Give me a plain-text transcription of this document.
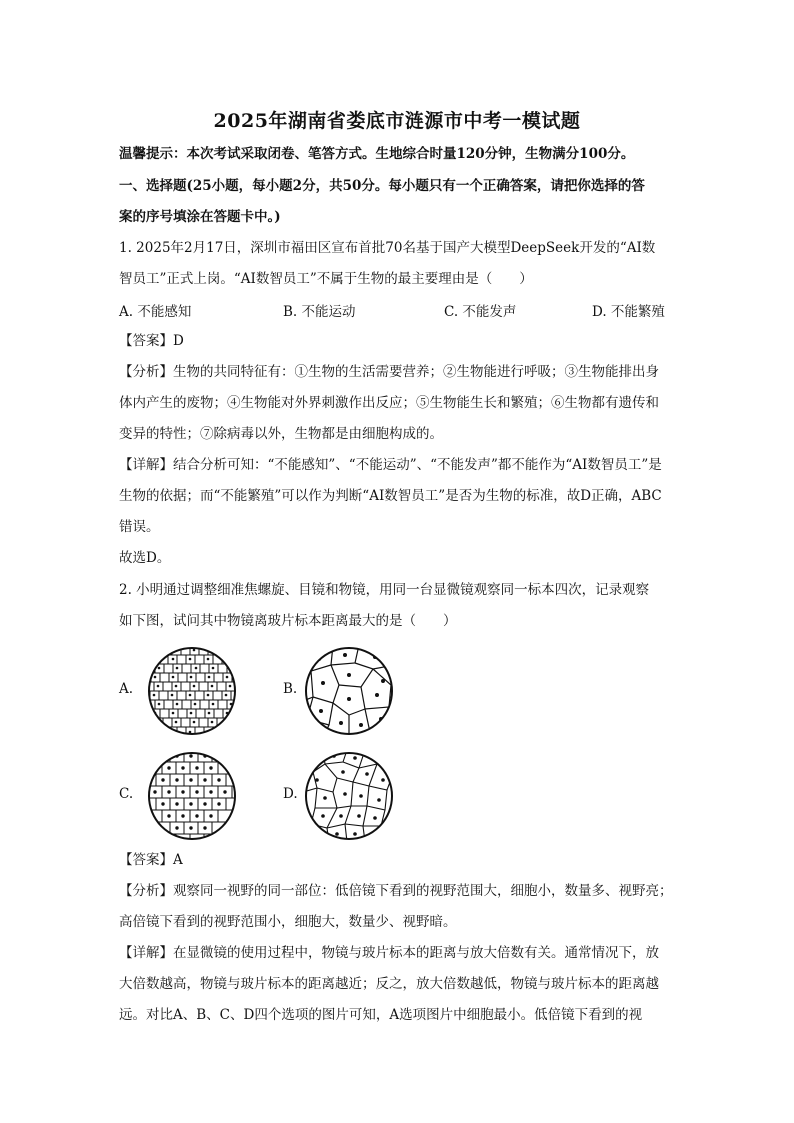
2025年湖南省娄底市涟源市中考一模试题
温馨提示：本次考试采取闭卷、笔答方式。生地综合时量120分钟，生物满分100分。
一、选择题(25小题，每小题2分，共50分。每小题只有一个正确答案，请把你选择的答
案的序号填涂在答题卡中。)
1. 2025年2月17日，深圳市福田区宣布首批70名基于国产大模型DeepSeek开发的“AI数
智员工”正式上岗。“AI数智员工”不属于生物的最主要理由是（　　）
A. 不能感知	B. 不能运动	C. 不能发声	D. 不能繁殖
【答案】D
【分析】生物的共同特征有：①生物的生活需要营养；②生物能进行呼吸；③生物能排出身
体内产生的废物；④生物能对外界刺激作出反应；⑤生物能生长和繁殖；⑥生物都有遗传和
变异的特性；⑦除病毒以外，生物都是由细胞构成的。
【详解】结合分析可知：“不能感知”、“不能运动”、“不能发声”都不能作为“AI数智员工”是
生物的依据；而“不能繁殖”可以作为判断“AI数智员工”是否为生物的标准，故D正确，ABC
错误。
故选D。
2. 小明通过调整细准焦螺旋、目镜和物镜，用同一台显微镜观察同一标本四次，记录观察
如下图，试问其中物镜离玻片标本距离最大的是（　　）
A.	B.
C.	D.
【答案】A
【分析】观察同一视野的同一部位：低倍镜下看到的视野范围大，细胞小，数量多、视野亮；
高倍镜下看到的视野范围小，细胞大，数量少、视野暗。
【详解】在显微镜的使用过程中，物镜与玻片标本的距离与放大倍数有关。通常情况下，放
大倍数越高，物镜与玻片标本的距离越近；反之，放大倍数越低，物镜与玻片标本的距离越
远。对比A、B、C、D四个选项的图片可知，A选项图片中细胞最小。低倍镜下看到的视
